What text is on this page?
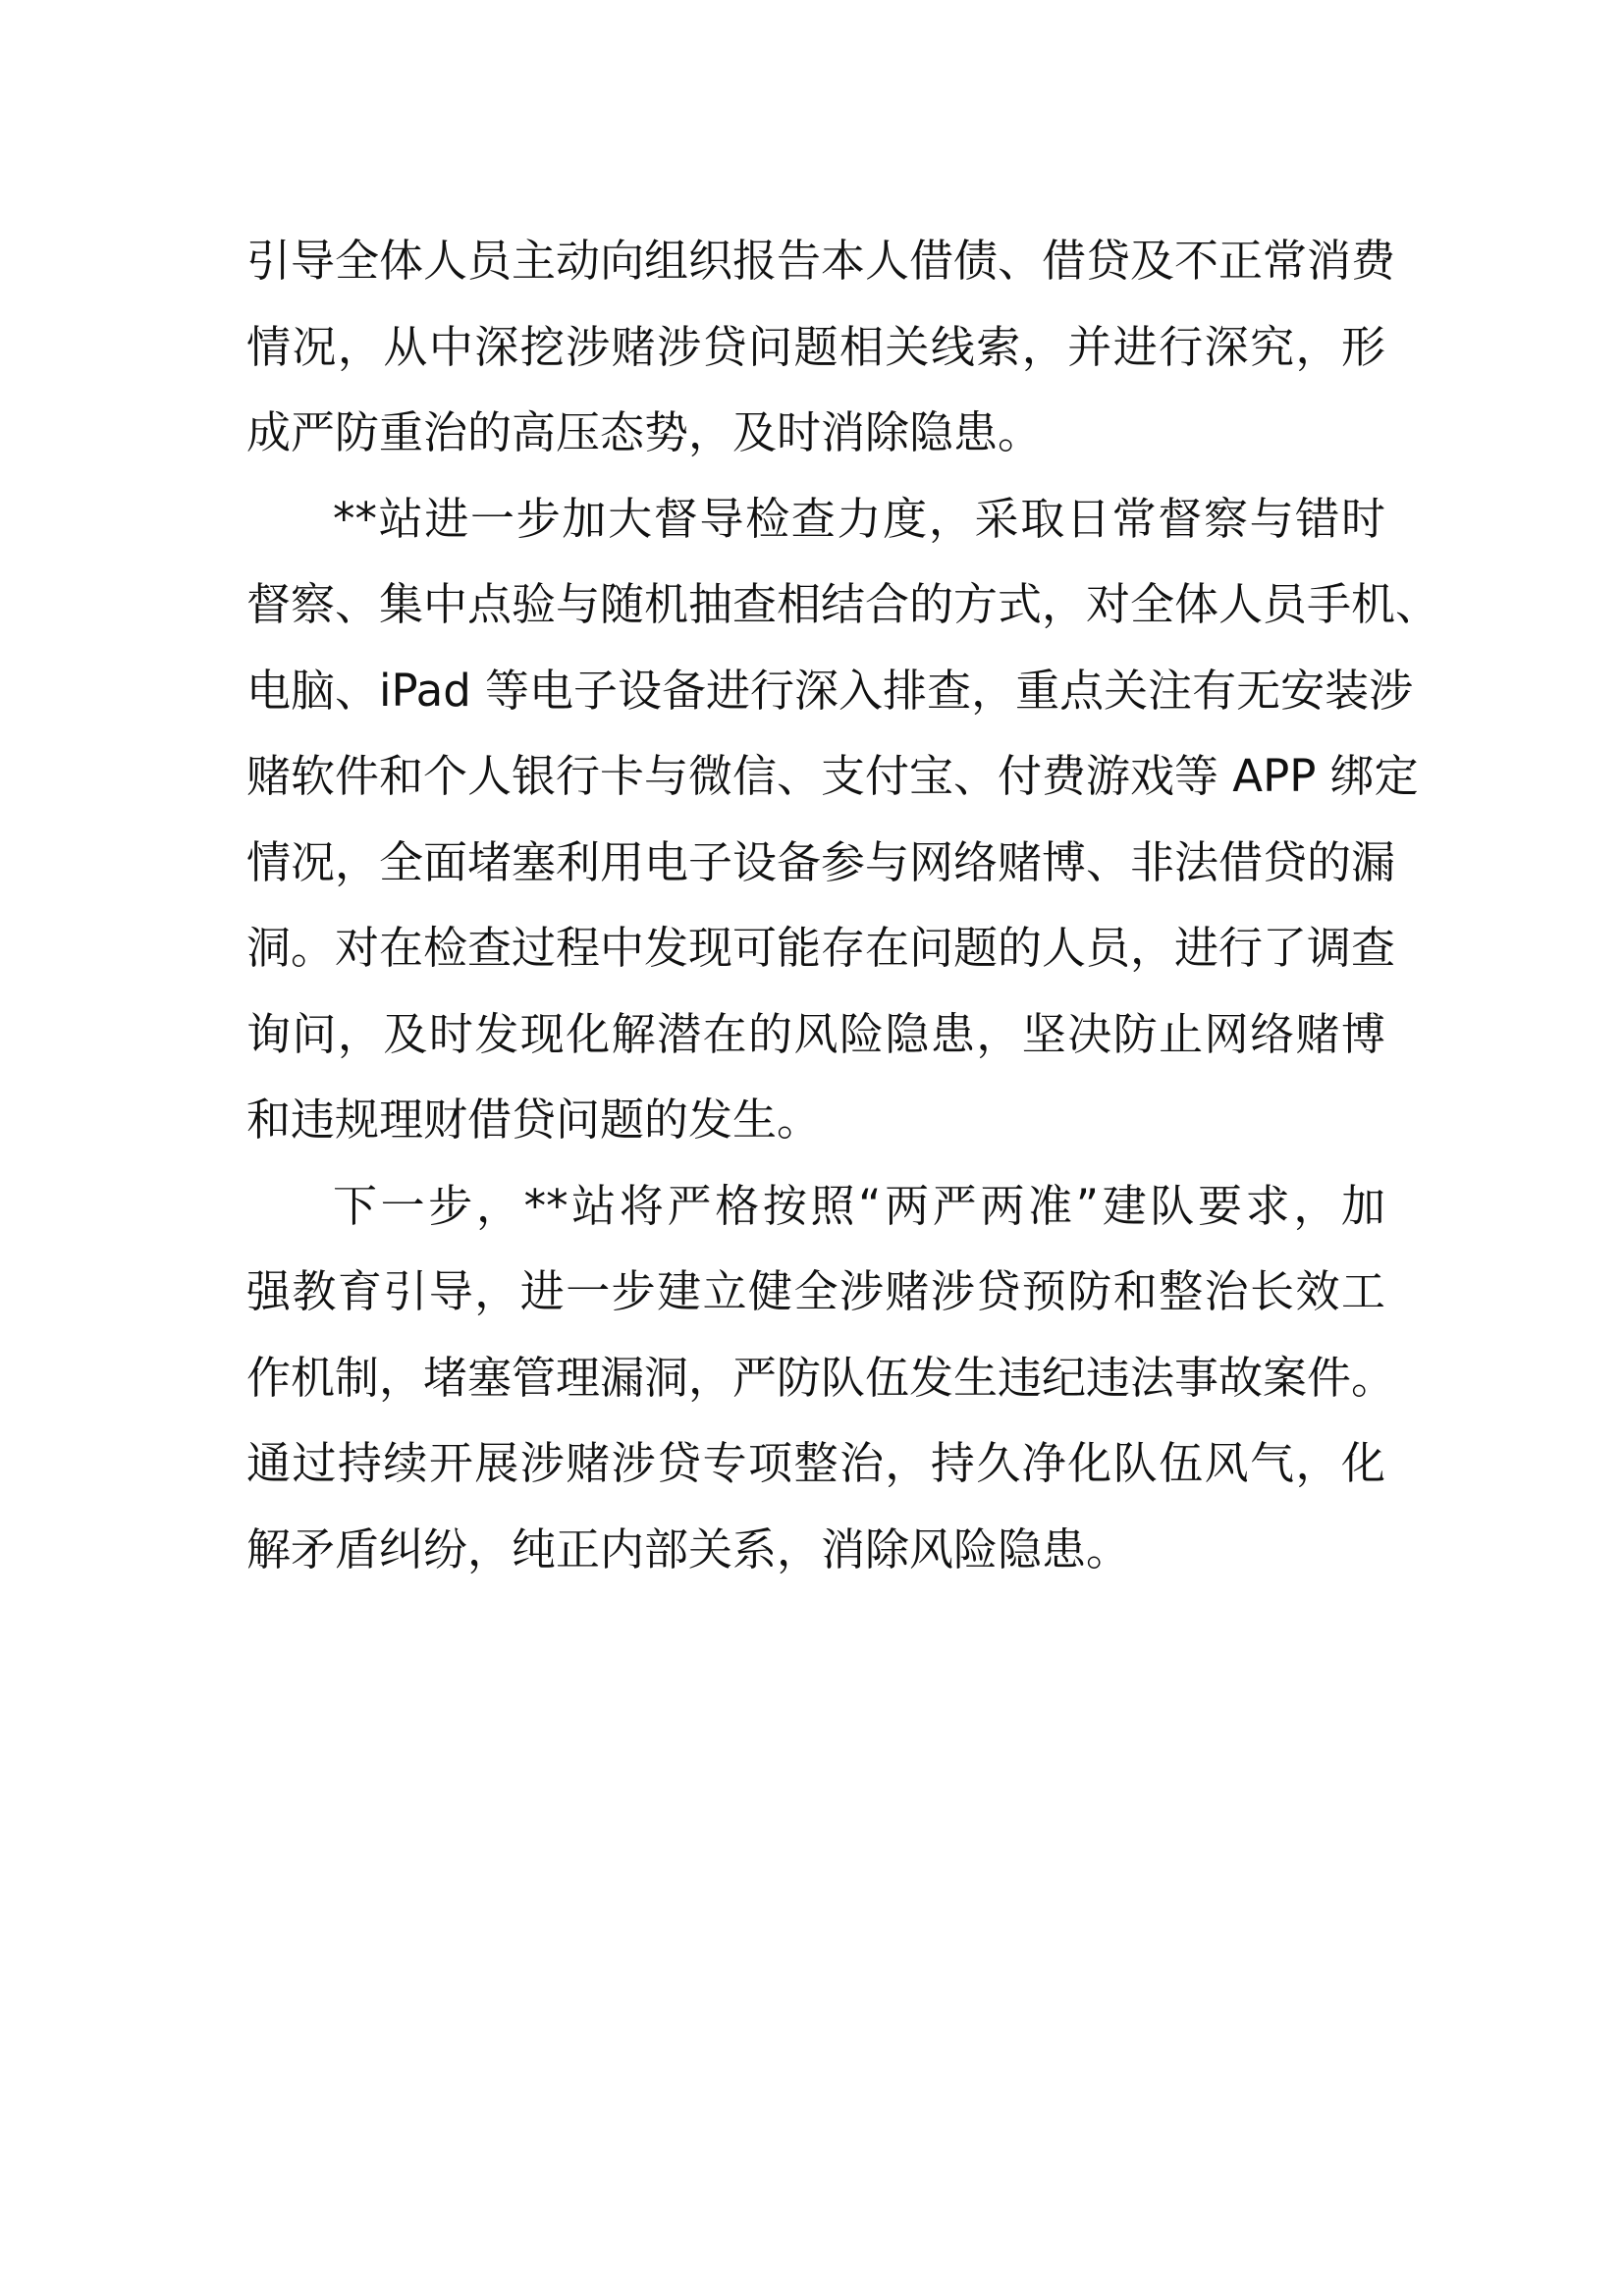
引导全体人员主动向组织报告本人借债、借贷及不正常消费
情况，从中深挖涉赌涉贷问题相关线索，并进行深究，形
成严防重治的高压态势，及时消除隐患。
**站进一步加大督导检查力度，采取日常督察与错时
督察、集中点验与随机抽查相结合的方式，对全体人员手机、
电脑、iPad 等电子设备进行深入排查，重点关注有无安装涉
赌软件和个人银行卡与微信、支付宝、付费游戏等 APP 绑定
情况，全面堵塞利用电子设备参与网络赌博、非法借贷的漏
洞。对在检查过程中发现可能存在问题的人员，进行了调查
询问，及时发现化解潜在的风险隐患，坚决防止网络赌博
和违规理财借贷问题的发生。
下一步，**站将严格按照“两严两准”建队要求，加
强教育引导，进一步建立健全涉赌涉贷预防和整治长效工
作机制，堵塞管理漏洞，严防队伍发生违纪违法事故案件。
通过持续开展涉赌涉贷专项整治，持久净化队伍风气，化
解矛盾纠纷，纯正内部关系，消除风险隐患。
